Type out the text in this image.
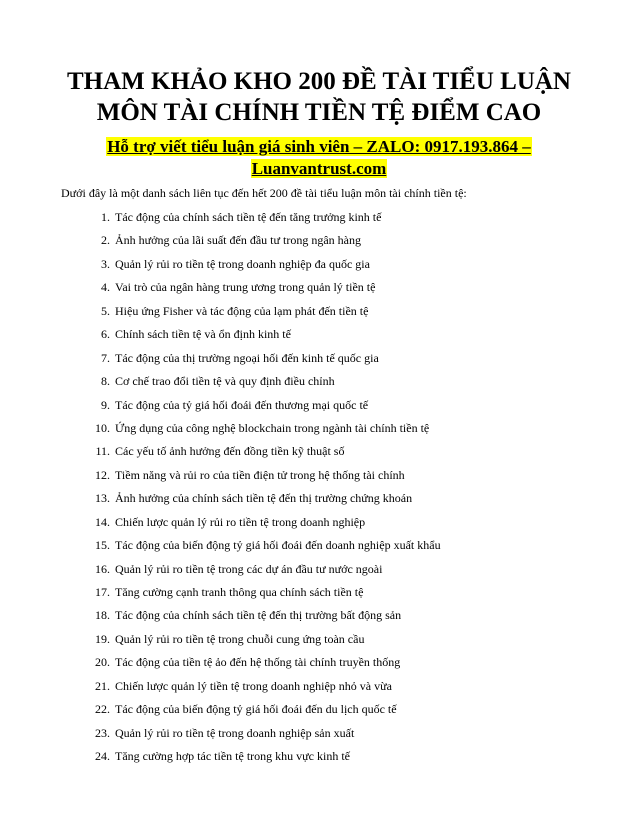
THAM KHẢO KHO 200 ĐỀ TÀI TIỂU LUẬN
MÔN TÀI CHÍNH TIỀN TỆ ĐIỂM CAO
Hỗ trợ viết tiểu luận giá sinh viên – ZALO: 0917.193.864 –
Luanvantrust.com

Dưới đây là một danh sách liên tục đến hết 200 đề tài tiểu luận môn tài chính tiền tệ:

1. Tác động của chính sách tiền tệ đến tăng trưởng kinh tế
2. Ảnh hưởng của lãi suất đến đầu tư trong ngân hàng
3. Quản lý rủi ro tiền tệ trong doanh nghiệp đa quốc gia
4. Vai trò của ngân hàng trung ương trong quản lý tiền tệ
5. Hiệu ứng Fisher và tác động của lạm phát đến tiền tệ
6. Chính sách tiền tệ và ổn định kinh tế
7. Tác động của thị trường ngoại hối đến kinh tế quốc gia
8. Cơ chế trao đổi tiền tệ và quy định điều chỉnh
9. Tác động của tỷ giá hối đoái đến thương mại quốc tế
10. Ứng dụng của công nghệ blockchain trong ngành tài chính tiền tệ
11. Các yếu tố ảnh hưởng đến đồng tiền kỹ thuật số
12. Tiềm năng và rủi ro của tiền điện tử trong hệ thống tài chính
13. Ảnh hưởng của chính sách tiền tệ đến thị trường chứng khoán
14. Chiến lược quản lý rủi ro tiền tệ trong doanh nghiệp
15. Tác động của biến động tỷ giá hối đoái đến doanh nghiệp xuất khẩu
16. Quản lý rủi ro tiền tệ trong các dự án đầu tư nước ngoài
17. Tăng cường cạnh tranh thông qua chính sách tiền tệ
18. Tác động của chính sách tiền tệ đến thị trường bất động sản
19. Quản lý rủi ro tiền tệ trong chuỗi cung ứng toàn cầu
20. Tác động của tiền tệ ảo đến hệ thống tài chính truyền thống
21. Chiến lược quản lý tiền tệ trong doanh nghiệp nhỏ và vừa
22. Tác động của biến động tỷ giá hối đoái đến du lịch quốc tế
23. Quản lý rủi ro tiền tệ trong doanh nghiệp sản xuất
24. Tăng cường hợp tác tiền tệ trong khu vực kinh tế
